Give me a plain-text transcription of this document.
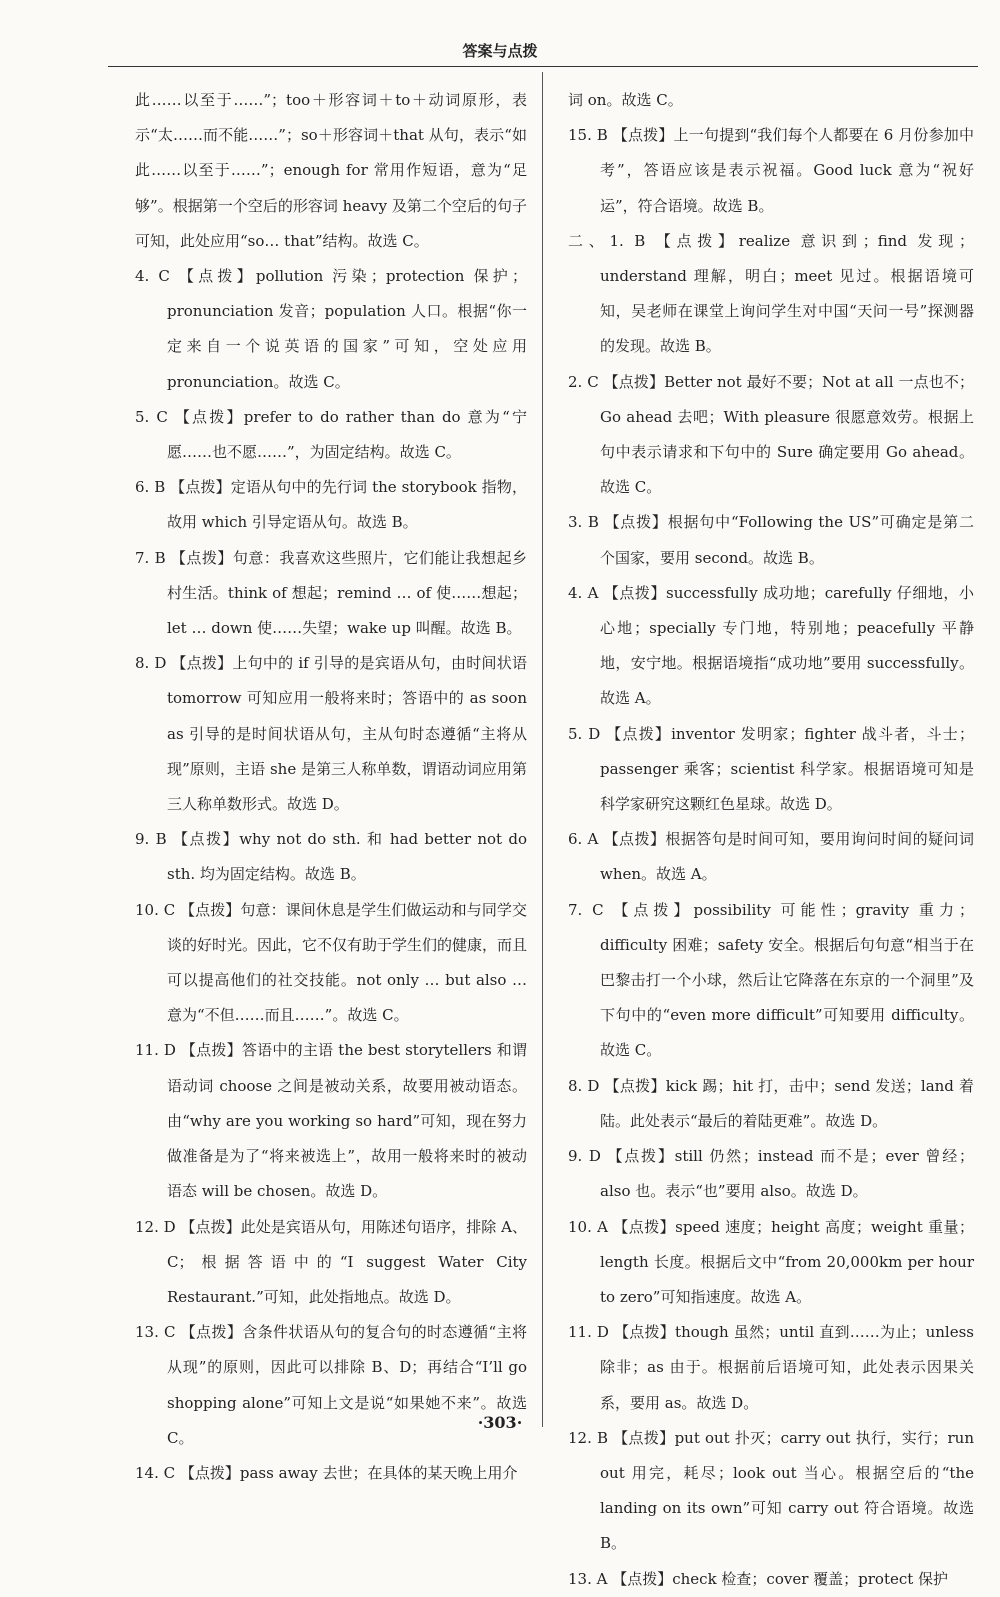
答案与点拨
此……以至于……”；too＋形容词＋to＋动词原形，表示“太……而不能……”；so＋形容词＋that 从句，表示“如此……以至于……”；enough for 常用作短语，意为“足够”。根据第一个空后的形容词 heavy 及第二个空后的句子可知，此处应用“so… that”结构。故选 C。
4. C 【点拨】pollution 污染；protection 保护；pronunciation 发音；population 人口。根据“你一定来自一个说英语的国家”可知，空处应用 pronunciation。故选 C。
5. C 【点拨】prefer to do rather than do 意为“宁愿……也不愿……”，为固定结构。故选 C。
6. B 【点拨】定语从句中的先行词 the storybook 指物，故用 which 引导定语从句。故选 B。
7. B 【点拨】句意：我喜欢这些照片，它们能让我想起乡村生活。think of 想起；remind … of 使……想起；let … down 使……失望；wake up 叫醒。故选 B。
8. D 【点拨】上句中的 if 引导的是宾语从句，由时间状语 tomorrow 可知应用一般将来时；答语中的 as soon as 引导的是时间状语从句，主从句时态遵循“主将从现”原则，主语 she 是第三人称单数，谓语动词应用第三人称单数形式。故选 D。
9. B 【点拨】why not do sth. 和 had better not do sth. 均为固定结构。故选 B。
10. C 【点拨】句意：课间休息是学生们做运动和与同学交谈的好时光。因此，它不仅有助于学生们的健康，而且可以提高他们的社交技能。not only … but also … 意为“不但……而且……”。故选 C。
11. D 【点拨】答语中的主语 the best storytellers 和谓语动词 choose 之间是被动关系，故要用被动语态。由“why are you working so hard”可知，现在努力做准备是为了“将来被选上”，故用一般将来时的被动语态 will be chosen。故选 D。
12. D 【点拨】此处是宾语从句，用陈述句语序，排除 A、C；根据答语中的“I suggest Water City Restaurant.”可知，此处指地点。故选 D。
13. C 【点拨】含条件状语从句的复合句的时态遵循“主将从现”的原则，因此可以排除 B、D；再结合“I’ll go shopping alone”可知上文是说“如果她不来”。故选 C。
14. C 【点拨】pass away 去世；在具体的某天晚上用介
词 on。故选 C。
15. B 【点拨】上一句提到“我们每个人都要在 6 月份参加中考”，答语应该是表示祝福。Good luck 意为“祝好运”，符合语境。故选 B。
二、1. B 【点拨】realize 意识到；find 发现；understand 理解，明白；meet 见过。根据语境可知，吴老师在课堂上询问学生对中国“天问一号”探测器的发现。故选 B。
2. C 【点拨】Better not 最好不要；Not at all 一点也不；Go ahead 去吧；With pleasure 很愿意效劳。根据上句中表示请求和下句中的 Sure 确定要用 Go ahead。故选 C。
3. B 【点拨】根据句中“Following the US”可确定是第二个国家，要用 second。故选 B。
4. A 【点拨】successfully 成功地；carefully 仔细地，小心地；specially 专门地，特别地；peacefully 平静地，安宁地。根据语境指“成功地”要用 successfully。故选 A。
5. D 【点拨】inventor 发明家；fighter 战斗者，斗士；passenger 乘客；scientist 科学家。根据语境可知是科学家研究这颗红色星球。故选 D。
6. A 【点拨】根据答句是时间可知，要用询问时间的疑问词 when。故选 A。
7. C 【点拨】possibility 可能性；gravity 重力；difficulty 困难；safety 安全。根据后句句意“相当于在巴黎击打一个小球，然后让它降落在东京的一个洞里”及下句中的“even more difficult”可知要用 difficulty。故选 C。
8. D 【点拨】kick 踢；hit 打，击中；send 发送；land 着陆。此处表示“最后的着陆更难”。故选 D。
9. D 【点拨】still 仍然；instead 而不是；ever 曾经；also 也。表示“也”要用 also。故选 D。
10. A 【点拨】speed 速度；height 高度；weight 重量；length 长度。根据后文中“from 20,000km per hour to zero”可知指速度。故选 A。
11. D 【点拨】though 虽然；until 直到……为止；unless 除非；as 由于。根据前后语境可知，此处表示因果关系，要用 as。故选 D。
12. B 【点拨】put out 扑灭；carry out 执行，实行；run out 用完，耗尽；look out 当心。根据空后的“the landing on its own”可知 carry out 符合语境。故选 B。
13. A 【点拨】check 检查；cover 覆盖；protect 保护
·303·
